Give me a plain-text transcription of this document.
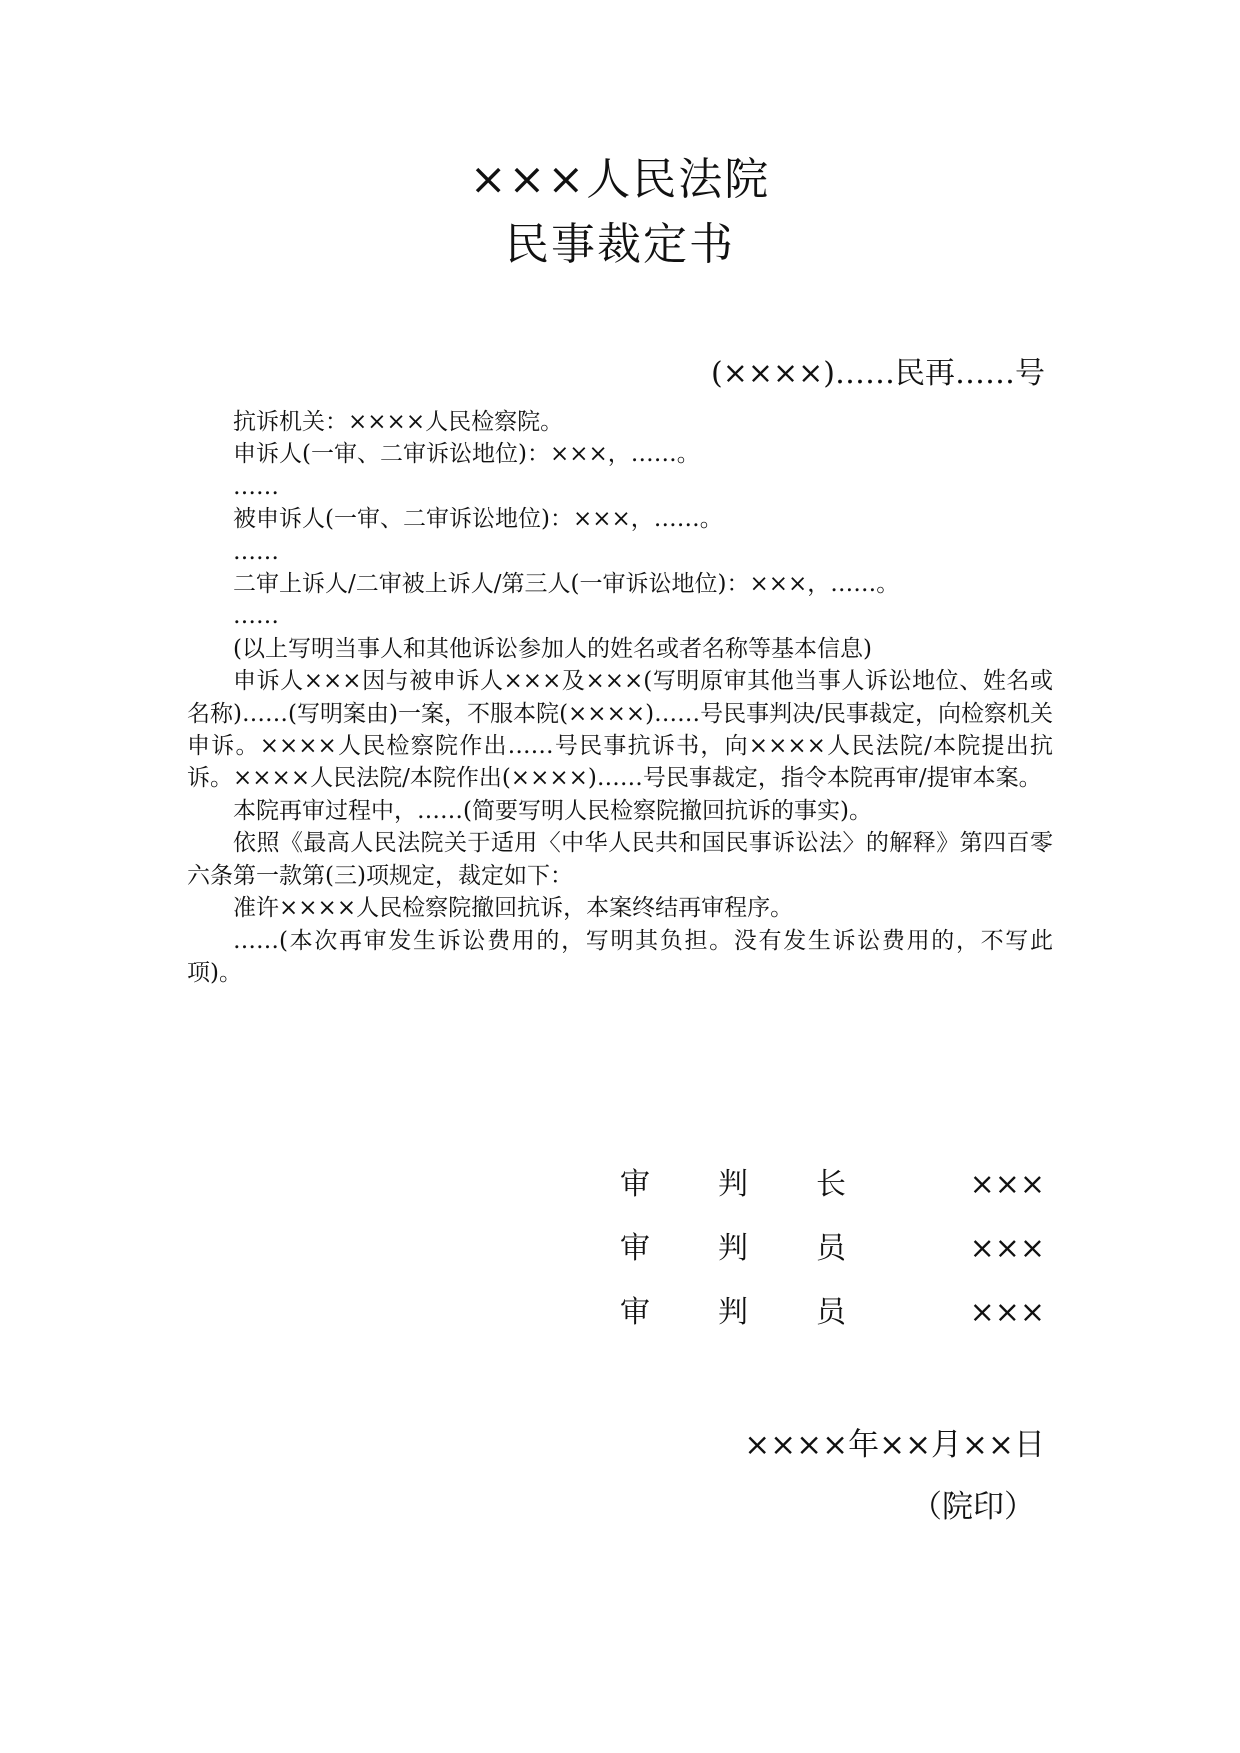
×××人民法院
民事裁定书
(××××)……民再……号

抗诉机关：××××人民检察院。

申诉人(一审、二审诉讼地位)：×××，……。

……

被申诉人(一审、二审诉讼地位)：×××，……。

……

二审上诉人/二审被上诉人/第三人(一审诉讼地位)：×××，……。

……

(以上写明当事人和其他诉讼参加人的姓名或者名称等基本信息)

申诉人×××因与被申诉人×××及×××(写明原审其他当事人诉讼地位、姓名或名称)……(写明案由)一案，不服本院(××××)……号民事判决/民事裁定，向检察机关申诉。××××人民检察院作出……号民事抗诉书，向××××人民法院/本院提出抗诉。××××人民法院/本院作出(××××)……号民事裁定，指令本院再审/提审本案。

本院再审过程中，……(简要写明人民检察院撤回抗诉的事实)。

依照《最高人民法院关于适用〈中华人民共和国民事诉讼法〉的解释》第四百零六条第一款第(三)项规定，裁定如下：

准许××××人民检察院撤回抗诉，本案终结再审程序。

……(本次再审发生诉讼费用的，写明其负担。没有发生诉讼费用的，不写此项)。

审 判 长	×××
审 判 员	×××
审 判 员	×××
××××年××月××日
（院印）
